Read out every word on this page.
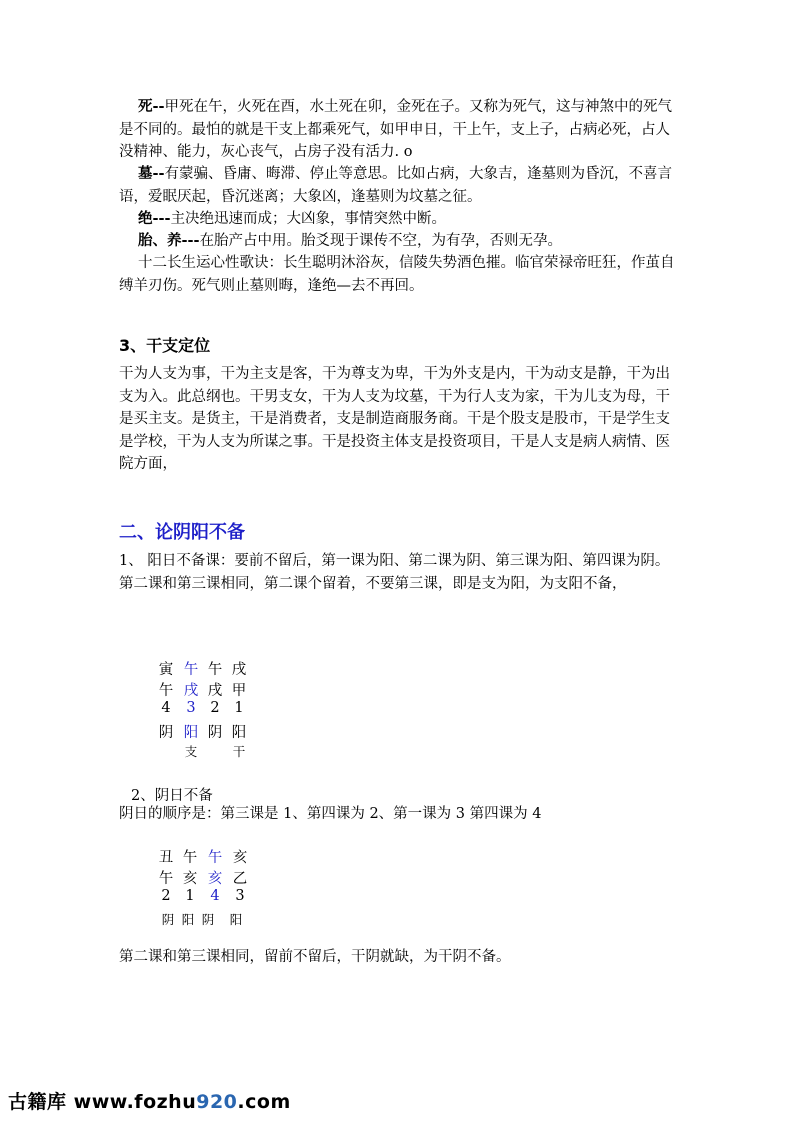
死--甲死在午，火死在酉，水土死在卯，金死在子。又称为死气，这与神煞中的死气是不同的。最怕的就是干支上都乘死气，如甲申日，干上午，支上子，占病必死，占人没精神、能力，灰心丧气，占房子没有活力. o

墓--有蒙骗、昏庸、晦滞、停止等意思。比如占病，大象吉，逢墓则为昏沉，不喜言语，爱眠厌起，昏沉迷离；大象凶，逢墓则为坟墓之征。

绝---主决绝迅速而成；大凶象，事情突然中断。

胎、养---在胎产占中用。胎爻现于课传不空，为有孕，否则无孕。

十二长生运心性歌诀：长生聪明沐浴灰，信陵失势酒色摧。临官荣禄帝旺狂，作茧自缚羊刃伤。死气则止墓则晦，逢绝—去不再回。

3、干支定位

干为人支为事，干为主支是客，干为尊支为卑，干为外支是内，干为动支是静，干为出支为入。此总纲也。干男支女，干为人支为坟墓，干为行人支为家，干为儿支为母，干是买主支。是货主，干是消费者，支是制造商服务商。干是个股支是股市，干是学生支是学校，干为人支为所谋之事。干是投资主体支是投资项目，干是人支是病人病情、医院方面，

二、论阴阳不备

1、 阳日不备课：要前不留后，第一课为阳、第二课为阴、第三课为阳、第四课为阴。第二课和第三课相同，第二课个留着，不要第三课，即是支为阳，为支阳不备，

寅 午 午 戌
午 戌 戌 甲
4	3	2	1
阴 阳 阴 阳
支	干

2、阴日不备

阴日的顺序是：第三课是 1、第四课为 2、第一课为 3 第四课为 4

丑 午 午 亥
午 亥 亥 乙
2	1	4	3
阴 阳 阴	阳

第二课和第三课相同，留前不留后，干阴就缺，为干阴不备。

古籍库 www.fozhu920.com
